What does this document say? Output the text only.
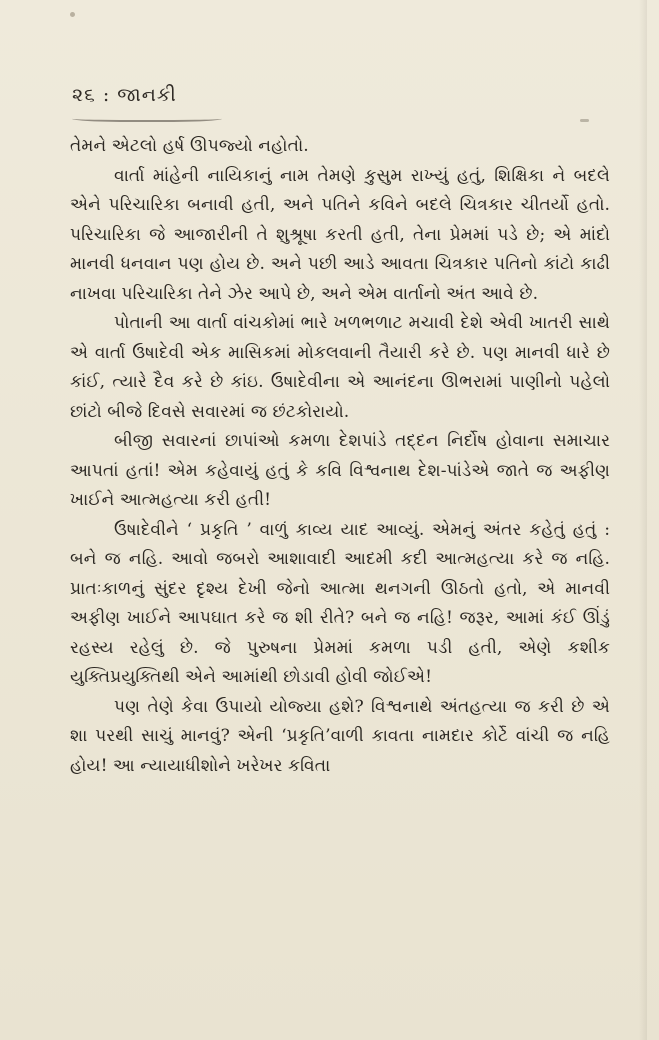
૨૬ : જાનકી

તેમને એટલો હર્ષ ઊપજ્યો નહોતો.

વાર્તા માંહેની નાયિકાનું નામ તેમણે કુસુમ રાખ્યું હતું, શિક્ષિકા ને બદલે એને પરિચારિકા બનાવી હતી, અને પતિને કવિને બદલે ચિત્રકાર ચીતર્યો હતો. પરિચારિકા જે આજારીની તે શુશ્રૂષા કરતી હતી, તેના પ્રેમમાં પડે છે; એ માંદો માનવી ધનવાન પણ હોય છે. અને પછી આડે આવતા ચિત્રકાર પતિનો કાંટો કાઢી નાખવા પરિચારિકા તેને ઝેર આપે છે, અને એમ વાર્તાનો અંત આવે છે.

પોતાની આ વાર્તા વાંચકોમાં ભારે ખળભળાટ મચાવી દેશે એવી ખાતરી સાથે એ વાર્તા ઉષાદેવી એક માસિકમાં મોકલવાની તૈયારી કરે છે. પણ માનવી ધારે છે કાંઈ, ત્યારે દૈવ કરે છે કાંઇ. ઉષાદેવીના એ આનંદના ઊભરામાં પાણીનો પહેલો છાંટો બીજે દિવસે સવારમાં જ છંટકોરાયો.

બીજી સવારનાં છાપાંઓ કમળા દેશપાંડે તદ્દન નિર્દોષ હોવાના સમાચાર આપતાં હતાં! એમ કહેવાયું હતું કે કવિ વિશ્વનાથ દેશ-પાંડેએ જાતે જ અફીણ ખાઈને આત્મહત્યા કરી હતી!

ઉષાદેવીને ‘ પ્રકૃતિ ’ વાળું કાવ્ય યાદ આવ્યું. એમનું અંતર કહેતું હતું : બને જ નહિ. આવો જબરો આશાવાદી આદમી કદી આત્મહત્યા કરે જ નહિ. પ્રાતઃકાળનું સુંદર દૃશ્ય દેખી જેનો આત્મા થનગની ઊઠતો હતો, એ માનવી અફીણ ખાઈને આપઘાત કરે જ શી રીતે? બને જ નહિ! જરૂર, આમાં કંઈ ઊંડું રહસ્ય રહેલું છે. જે પુરુષના પ્રેમમાં કમળા પડી હતી, એણે કશીક યુક્તિપ્રયુક્તિથી એને આમાંથી છોડાવી હોવી જોઈએ!

પણ તેણે કેવા ઉપાયો યોજ્યા હશે? વિશ્વનાથે અંતહત્યા જ કરી છે એ શા પરથી સાચું માનવું? એની ‘પ્રકૃતિ’વાળી કાવતા નામદાર કોર્ટે વાંચી જ નહિ હોય! આ ન્યાયાધીશોને ખરેખર કવિતા
